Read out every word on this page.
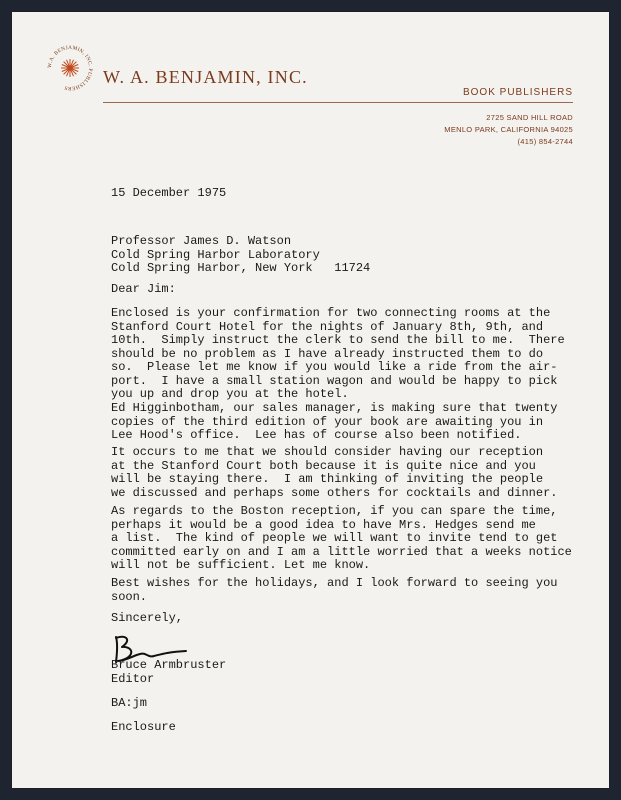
W.A. BENJAMIN, INC. PUBLISHERS
W. A. BENJAMIN, INC.
BOOK PUBLISHERS
2725 SAND HILL ROAD
MENLO PARK, CALIFORNIA 94025
(415) 854-2744
15 December 1975
Professor James D. Watson
Cold Spring Harbor Laboratory
Cold Spring Harbor, New York   11724
Dear Jim:
Enclosed is your confirmation for two connecting rooms at the
Stanford Court Hotel for the nights of January 8th, 9th, and
10th.  Simply instruct the clerk to send the bill to me.  There
should be no problem as I have already instructed them to do
so.  Please let me know if you would like a ride from the air-
port.  I have a small station wagon and would be happy to pick
you up and drop you at the hotel.
Ed Higginbotham, our sales manager, is making sure that twenty
copies of the third edition of your book are awaiting you in
Lee Hood's office.  Lee has of course also been notified.
It occurs to me that we should consider having our reception
at the Stanford Court both because it is quite nice and you
will be staying there.  I am thinking of inviting the people
we discussed and perhaps some others for cocktails and dinner.
As regards to the Boston reception, if you can spare the time,
perhaps it would be a good idea to have Mrs. Hedges send me
a list.  The kind of people we will want to invite tend to get
committed early on and I am a little worried that a weeks notice
will not be sufficient. Let me know.
Best wishes for the holidays, and I look forward to seeing you
soon.
Sincerely,
Bruce Armbruster
Editor
BA:jm
Enclosure
